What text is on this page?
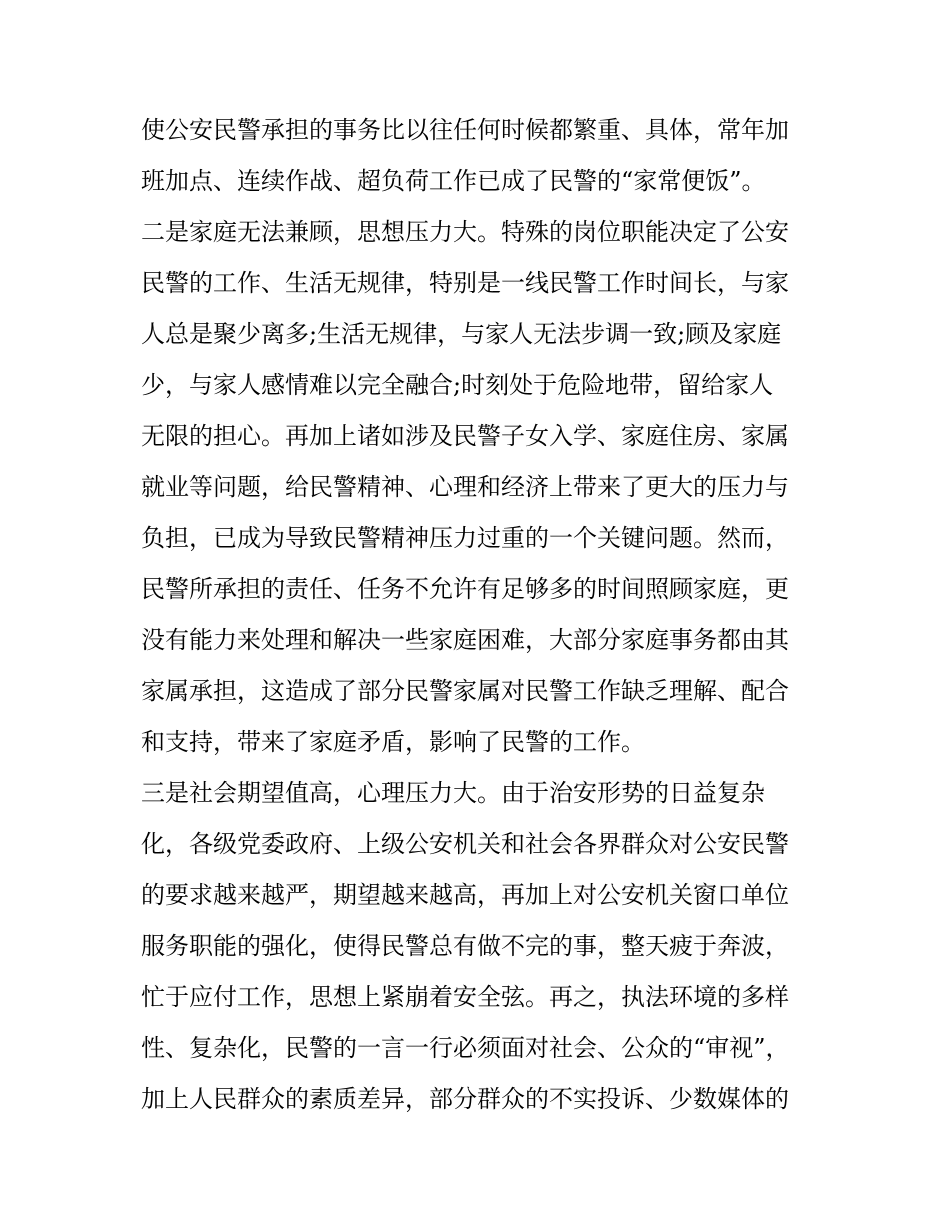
使公安民警承担的事务比以往任何时候都繁重、具体，常年加
班加点、连续作战、超负荷工作已成了民警的“家常便饭”。
二是家庭无法兼顾，思想压力大。特殊的岗位职能决定了公安
民警的工作、生活无规律，特别是一线民警工作时间长，与家
人总是聚少离多;生活无规律，与家人无法步调一致;顾及家庭
少，与家人感情难以完全融合;时刻处于危险地带，留给家人
无限的担心。再加上诸如涉及民警子女入学、家庭住房、家属
就业等问题，给民警精神、心理和经济上带来了更大的压力与
负担，已成为导致民警精神压力过重的一个关键问题。然而，
民警所承担的责任、任务不允许有足够多的时间照顾家庭，更
没有能力来处理和解决一些家庭困难，大部分家庭事务都由其
家属承担，这造成了部分民警家属对民警工作缺乏理解、配合
和支持，带来了家庭矛盾，影响了民警的工作。
三是社会期望值高，心理压力大。由于治安形势的日益复杂
化，各级党委政府、上级公安机关和社会各界群众对公安民警
的要求越来越严，期望越来越高，再加上对公安机关窗口单位
服务职能的强化，使得民警总有做不完的事，整天疲于奔波，
忙于应付工作，思想上紧崩着安全弦。再之，执法环境的多样
性、复杂化，民警的一言一行必须面对社会、公众的“审视”，
加上人民群众的素质差异，部分群众的不实投诉、少数媒体的
